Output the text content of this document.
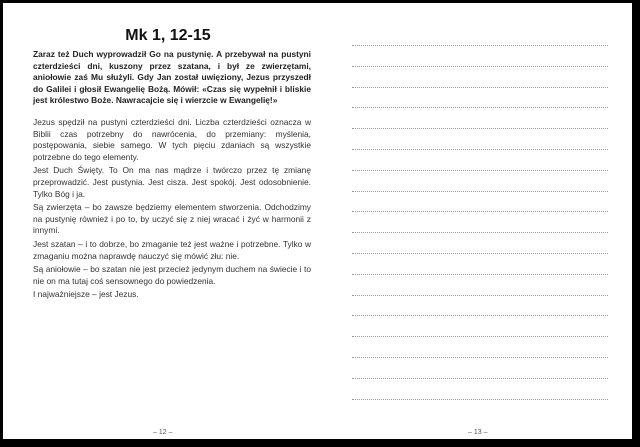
Mk 1, 12-15

Zaraz też Duch wyprowadził Go na pustynię. A przebywał na pustyni czterdzieści dni, kuszony przez szatana, i był ze zwierzętami, aniołowie zaś Mu służyli. Gdy Jan został uwięziony, Jezus przyszedł do Galilei i głosił Ewangelię Bożą. Mówił: «Czas się wypełnił i bliskie jest królestwo Boże. Nawracajcie się i wierzcie w Ewangelię!»

Jezus spędził na pustyni czterdzieści dni. Liczba czterdzieści oznacza w Biblii czas potrzebny do nawrócenia, do przemiany: myślenia, postępowania, siebie samego. W tych pięciu zdaniach są wszystkie potrzebne do tego elementy.

Jest Duch Święty. To On ma nas mądrze i twórczo przez tę zmianę przeprowadzić. Jest pustynia. Jest cisza. Jest spokój. Jest odosobnienie. Tylko Bóg i ja.

Są zwierzęta – bo zawsze będziemy elementem stworzenia. Odchodzimy na pustynię również i po to, by uczyć się z niej wracać i żyć w harmonii z innymi.

Jest szatan – i to dobrze, bo zmaganie też jest ważne i potrzebne. Tylko w zmaganiu można naprawdę nauczyć się mówić złu: nie.

Są aniołowie – bo szatan nie jest przecież jedynym duchem na świecie i to nie on ma tutaj coś sensownego do powiedzenia.

I najważniejsze – jest Jezus.

– 12 –	– 13 –
